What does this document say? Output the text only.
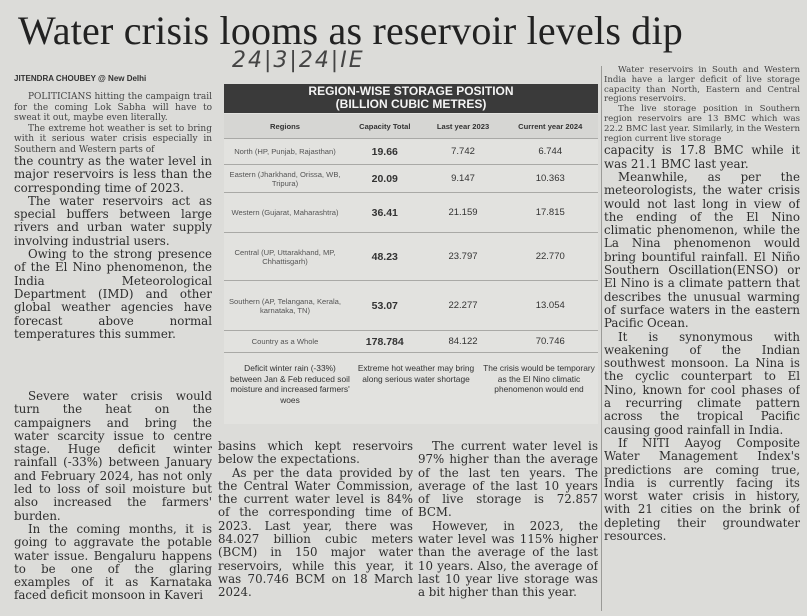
Water crisis looms as reservoir levels dip
24|3|24|IE
JITENDRA CHOUBEY @ New Delhi

POLITICIANS hitting the campaign trail for the coming Lok Sabha will have to sweat it out, maybe even literally.

The extreme hot weather is set to bring with it serious water crisis especially in Southern and Western parts of

the country as the water level in major reservoirs is less than the corresponding time of 2023.

The water reservoirs act as special buffers between large rivers and urban water supply involving industrial users.

Owing to the strong presence of the El Nino phenomenon, the India Meteorological Department (IMD) and other global weather agencies have forecast above normal temperatures this summer.

Severe water crisis would turn the heat on the campaigners and bring the water scarcity issue to centre stage. Huge deficit winter rainfall (-33%) between January and February 2024, has not only led to loss of soil moisture but also increased the farmers' burden.

In the coming months, it is going to aggravate the potable water issue. Bengaluru happens to be one of the glaring examples of it as Karnataka faced deficit monsoon in Kaveri

REGION-WISE STORAGE POSITION
(BILLION CUBIC METRES)
Regions	Capacity Total	Last year 2023	Current year 2024
North (HP, Punjab, Rajasthan)	19.66	7.742	6.744
Eastern (Jharkhand, Orissa, WB, Tripura)	20.09	9.147	10.363
Western (Gujarat, Maharashtra)	36.41	21.159	17.815
Central (UP, Uttarakhand, MP, Chhattisgarh)	48.23	23.797	22.770
Southern (AP, Telangana, Kerala, karnataka, TN)	53.07	22.277	13.054
Country as a Whole	178.784	84.122	70.746
Deficit winter rain (-33%) between Jan & Feb reduced soil moisture and increased farmers' woes
Extreme hot weather may bring along serious water shortage
The crisis would be temporary as the El Nino climatic phenomenon would end

basins which kept reservoirs below the expectations.

As per the data provided by the Central Water Commission, the current water level is 84% of the corresponding time of 2023. Last year, there was 84.027 billion cubic meters (BCM) in 150 major water reservoirs, while this year, it was 70.746 BCM on 18 March 2024.

The current water level is 97% higher than the average of the last ten years. The average of the last 10 years of live storage is 72.857 BCM.

However, in 2023, the water level was 115% higher than the average of the last 10 years. Also, the average of last 10 year live storage was a bit higher than this year.

Water reservoirs in South and Western India have a larger deficit of live storage capacity than North, Eastern and Central regions reservoirs.

The live storage position in Southern region reservoirs are 13 BMC which was 22.2 BMC last year. Similarly, in the Western region current live storage

capacity is 17.8 BMC while it was 21.1 BMC last year.

Meanwhile, as per the meteorologists, the water crisis would not last long in view of the ending of the El Nino climatic phenomenon, while the La Nina phenomenon would bring bountiful rainfall. El Niño Southern Oscillation(ENSO) or El Nino is a climate pattern that describes the unusual warming of surface waters in the eastern Pacific Ocean.

It is synonymous with weakening of the Indian southwest monsoon. La Nina is the cyclic counterpart to El Nino, known for cool phases of a recurring climate pattern across the tropical Pacific causing good rainfall in India.

If NITI Aayog Composite Water Management Index's predictions are coming true, India is currently facing its worst water crisis in history, with 21 cities on the brink of depleting their groundwater resources.
